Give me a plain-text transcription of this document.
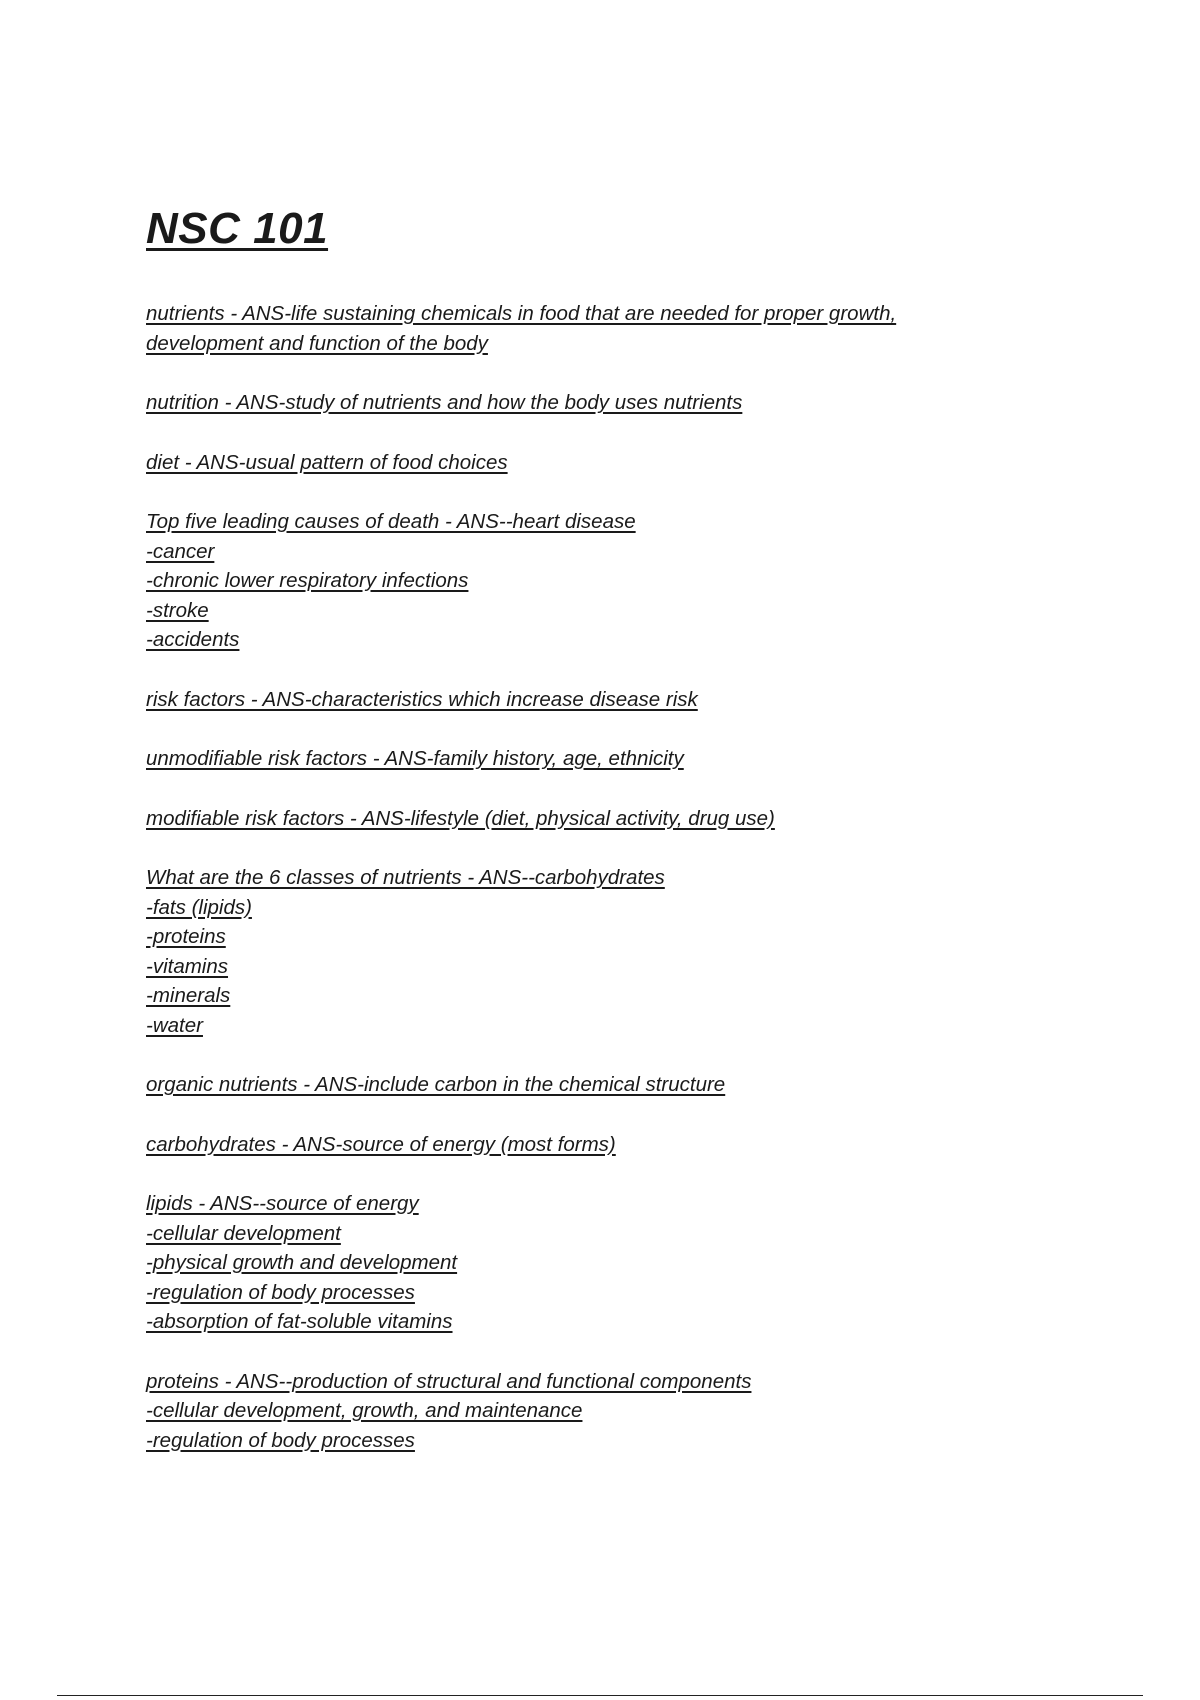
NSC 101

nutrients - ANS-life sustaining chemicals in food that are needed for proper growth,
development and function of the body

nutrition - ANS-study of nutrients and how the body uses nutrients

diet - ANS-usual pattern of food choices

Top five leading causes of death - ANS--heart disease
-cancer
-chronic lower respiratory infections
-stroke
-accidents

risk factors - ANS-characteristics which increase disease risk

unmodifiable risk factors - ANS-family history, age, ethnicity

modifiable risk factors - ANS-lifestyle (diet, physical activity, drug use)

What are the 6 classes of nutrients - ANS--carbohydrates
-fats (lipids)
-proteins
-vitamins
-minerals
-water

organic nutrients - ANS-include carbon in the chemical structure

carbohydrates - ANS-source of energy (most forms)

lipids - ANS--source of energy
-cellular development
-physical growth and development
-regulation of body processes
-absorption of fat-soluble vitamins

proteins - ANS--production of structural and functional components
-cellular development, growth, and maintenance
-regulation of body processes
